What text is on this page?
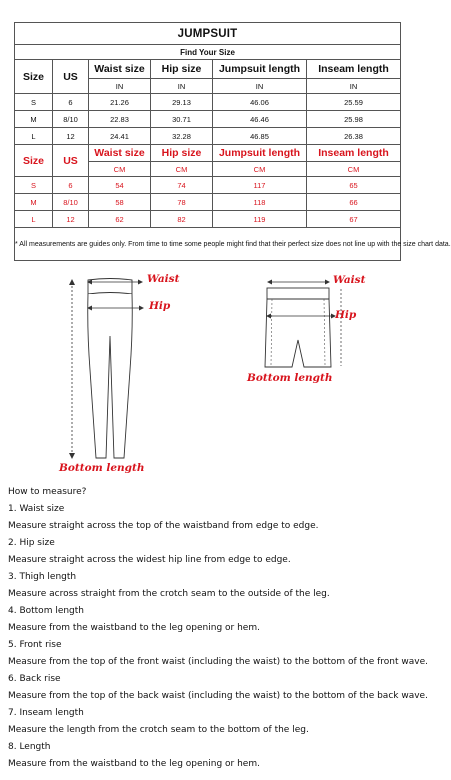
JUMPSUIT					
Find Your Size					
Size	US	Waist size	Hip size	Jumpsuit length	Inseam length
		IN	IN	IN	IN
S	6	21.26	29.13	46.06	25.59
M	8/10	22.83	30.71	46.46	25.98
L	12	24.41	32.28	46.85	26.38
Size	US	Waist size	Hip size	Jumpsuit length	Inseam length
		CM	CM	CM	CM
S	6	54	74	117	65
M	8/10	58	78	118	66
L	12	62	82	119	67
* All measurements are guides only. From time to time some people might find that their perfect size does not line up with the size chart data.					
Waist
Hip
Bottom length
Waist
Hip
Bottom length

How to measure?

1. Waist size

Measure straight across the top of the waistband from edge to edge.

2. Hip size

Measure straight across the widest hip line from edge to edge.

3. Thigh length

Measure across straight from the crotch seam to the outside of the leg.

4. Bottom length

Measure from the waistband to the leg opening or hem.

5. Front rise

Measure from the top of the front waist (including the waist) to the bottom of the front wave.

6. Back rise

Measure from the top of the back waist (including the waist) to the bottom of the back wave.

7. Inseam length

Measure the length from the crotch seam to the bottom of the leg.

8. Length

Measure from the waistband to the leg opening or hem.
